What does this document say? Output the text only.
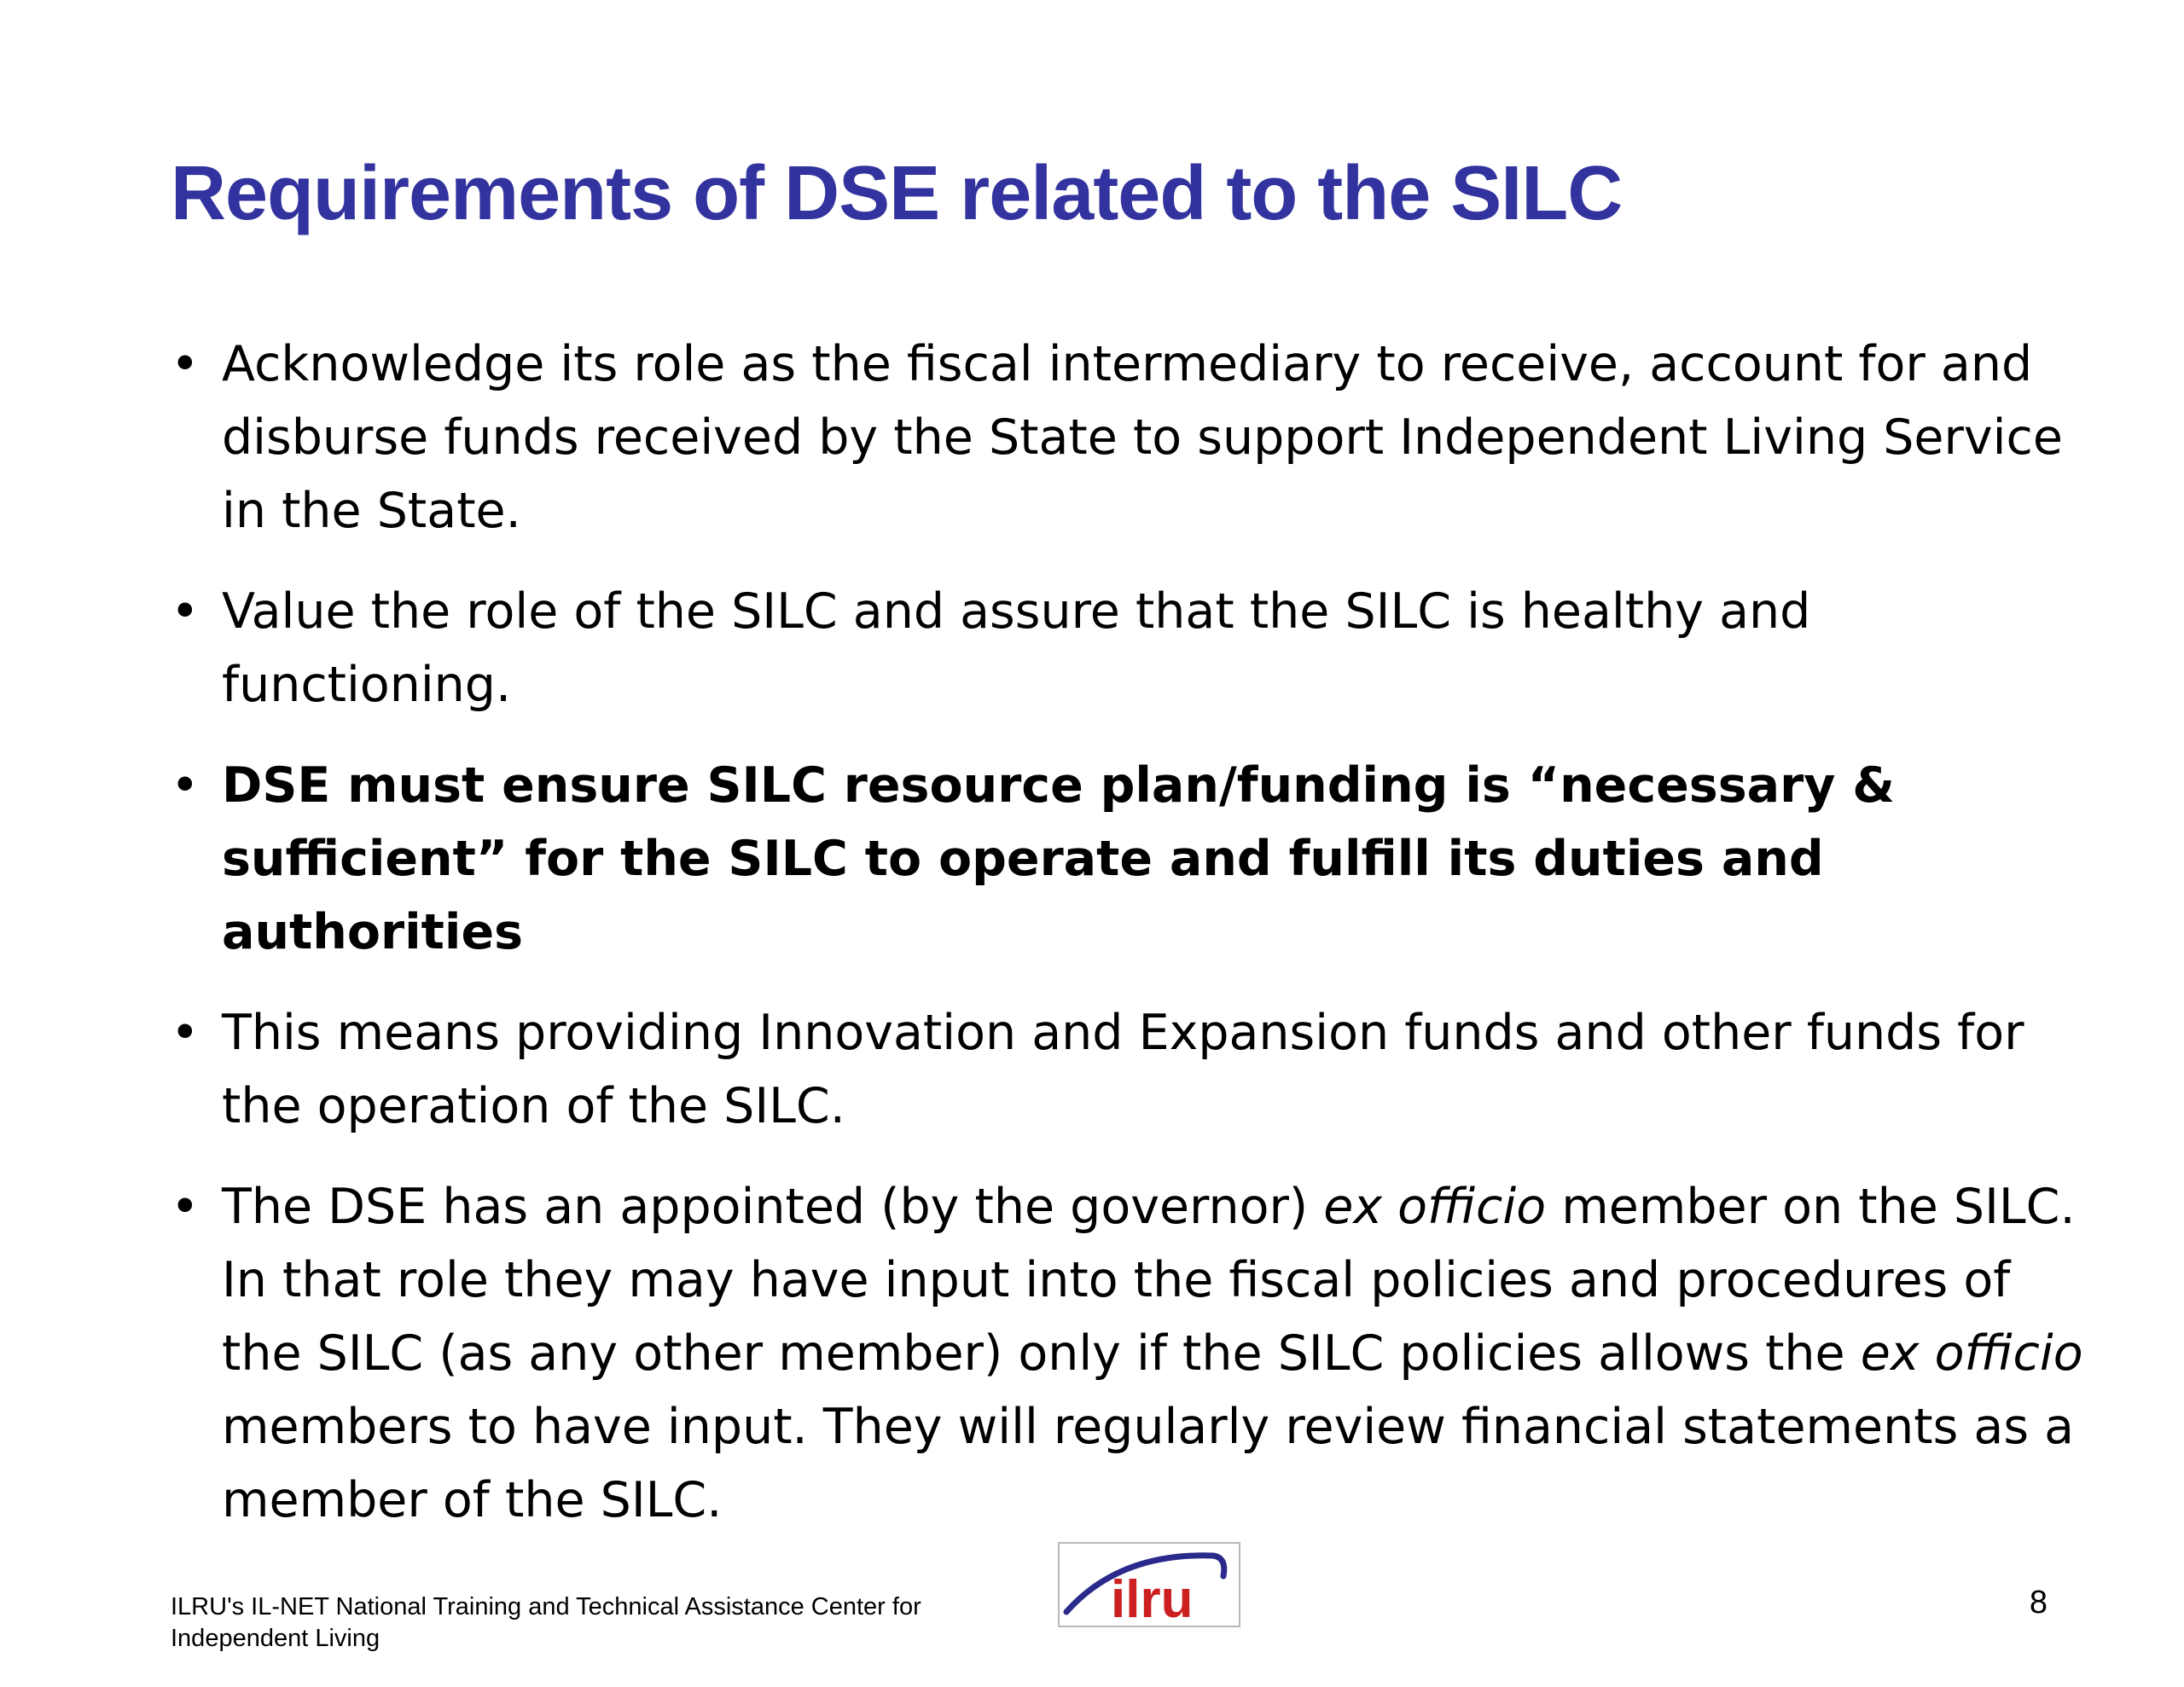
Requirements of DSE related to the SILC
• Acknowledge its role as the fiscal intermediary to receive, account for and disburse funds received by the State to support Independent Living Service in the State.
• Value the role of the SILC and assure that the SILC is healthy and functioning.
• DSE must ensure SILC resource plan/funding is “necessary & sufficient” for the SILC to operate and fulfill its duties and authorities
• This means providing Innovation and Expansion funds and other funds for the operation of the SILC.
• The DSE has an appointed (by the governor) ex officio member on the SILC. In that role they may have input into the fiscal policies and procedures of the SILC (as any other member) only if the SILC policies allows the ex officio members to have input. They will regularly review financial statements as a member of the SILC.

ILRU's IL-NET National Training and Technical Assistance Center for Independent Living

ilru	8
